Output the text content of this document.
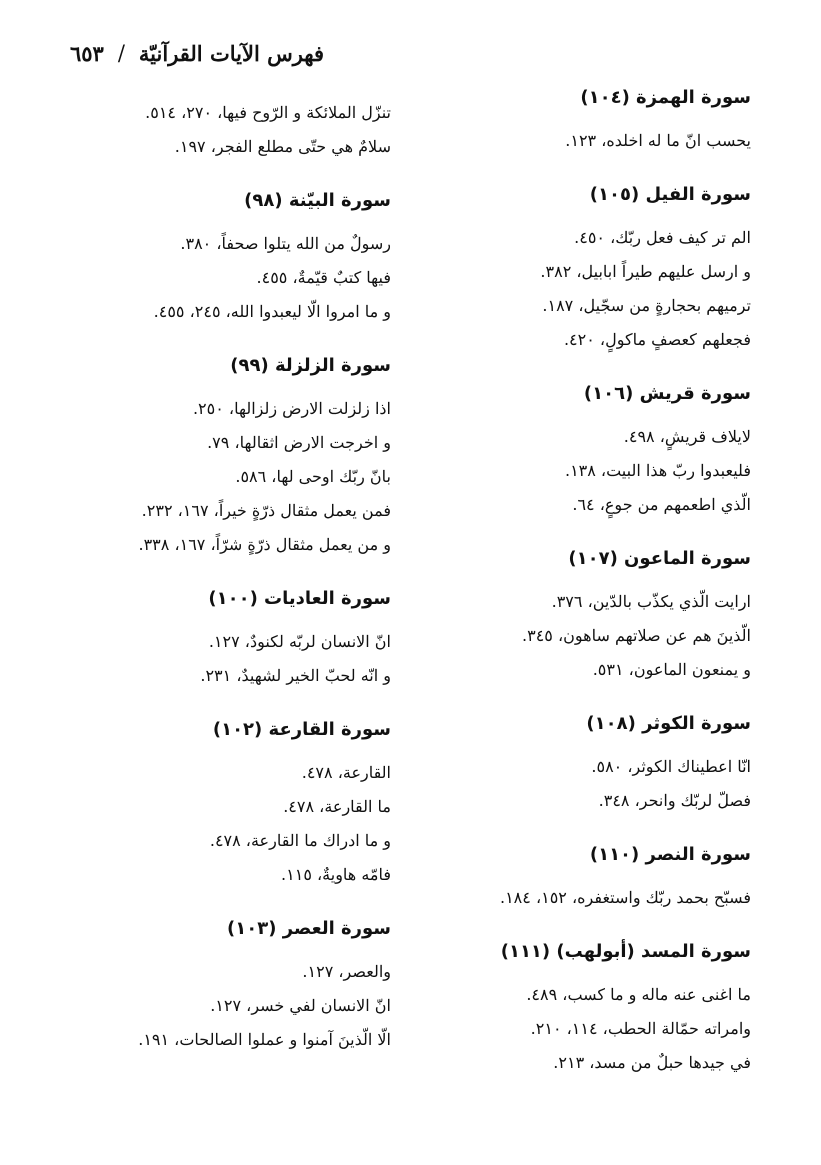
٦٥٣ / فهرس الآيات القرآنيّة
سورة الهمزة (١٠٤)
يحسب انّ ما له اخلده، ١٢٣.
سورة الفيل (١٠٥)
الم تر كيف فعل ربّك، ٤٥٠.
و ارسل عليهم طيراً ابابيل، ٣٨٢.
ترميهم بحجارةٍ من سجّيل، ١٨٧.
فجعلهم كعصفٍ ماكولٍ، ٤٢٠.
سورة قريش (١٠٦)
لايلاف قريشٍ، ٤٩٨.
فليعبدوا ربّ هذا البيت، ١٣٨.
الّذي اطعمهم من جوعٍ، ٦٤.
سورة الماعون (١٠٧)
ارايت الّذي يكذّب بالدّين، ٣٧٦.
الّذينَ هم عن صلاتهم ساهون، ٣٤٥.
و يمنعون الماعون، ٥٣١.
سورة الكوثر (١٠٨)
انّا اعطيناك الكوثر، ٥٨٠.
فصلّ لربّك وانحر، ٣٤٨.
سورة النصر (١١٠)
فسبّح بحمد ربّك واستغفره، ١٥٢، ١٨٤.
سورة المسد (أبولهب) (١١١)
ما اغنى عنه ماله و ما كسب، ٤٨٩.
وامراته حمّالة الحطب، ١١٤، ٢١٠.
في جيدها حبلٌ من مسد، ٢١٣.
تنزّل الملائكة و الرّوح فيها، ٢٧٠، ٥١٤.
سلامٌ هي حتّى مطلع الفجر، ١٩٧.
سورة البيّنة (٩٨)
رسولٌ من الله يتلوا صحفاً، ٣٨٠.
فيها كتبٌ قيّمةٌ، ٤٥٥.
و ما امروا الّا ليعبدوا الله، ٢٤٥، ٤٥٥.
سورة الزلزلة (٩٩)
اذا زلزلت الارض زلزالها، ٢٥٠.
و اخرجت الارض اثقالها، ٧٩.
بانّ ربّك اوحى لها، ٥٨٦.
فمن يعمل مثقال ذرّةٍ خيراً، ١٦٧، ٢٣٢.
و من يعمل مثقال ذرّةٍ شرّاً، ١٦٧، ٣٣٨.
سورة العاديات (١٠٠)
انّ الانسان لربّه لكنودٌ، ١٢٧.
و انّه لحبّ الخير لشهيدٌ، ٢٣١.
سورة القارعة (١٠٢)
القارعة، ٤٧٨.
ما القارعة، ٤٧٨.
و ما ادراك ما القارعة، ٤٧٨.
فامّه هاويةٌ، ١١٥.
سورة العصر (١٠٣)
والعصر، ١٢٧.
انّ الانسان لفي خسر، ١٢٧.
الّا الّذينَ آمنوا و عملوا الصالحات، ١٩١.
